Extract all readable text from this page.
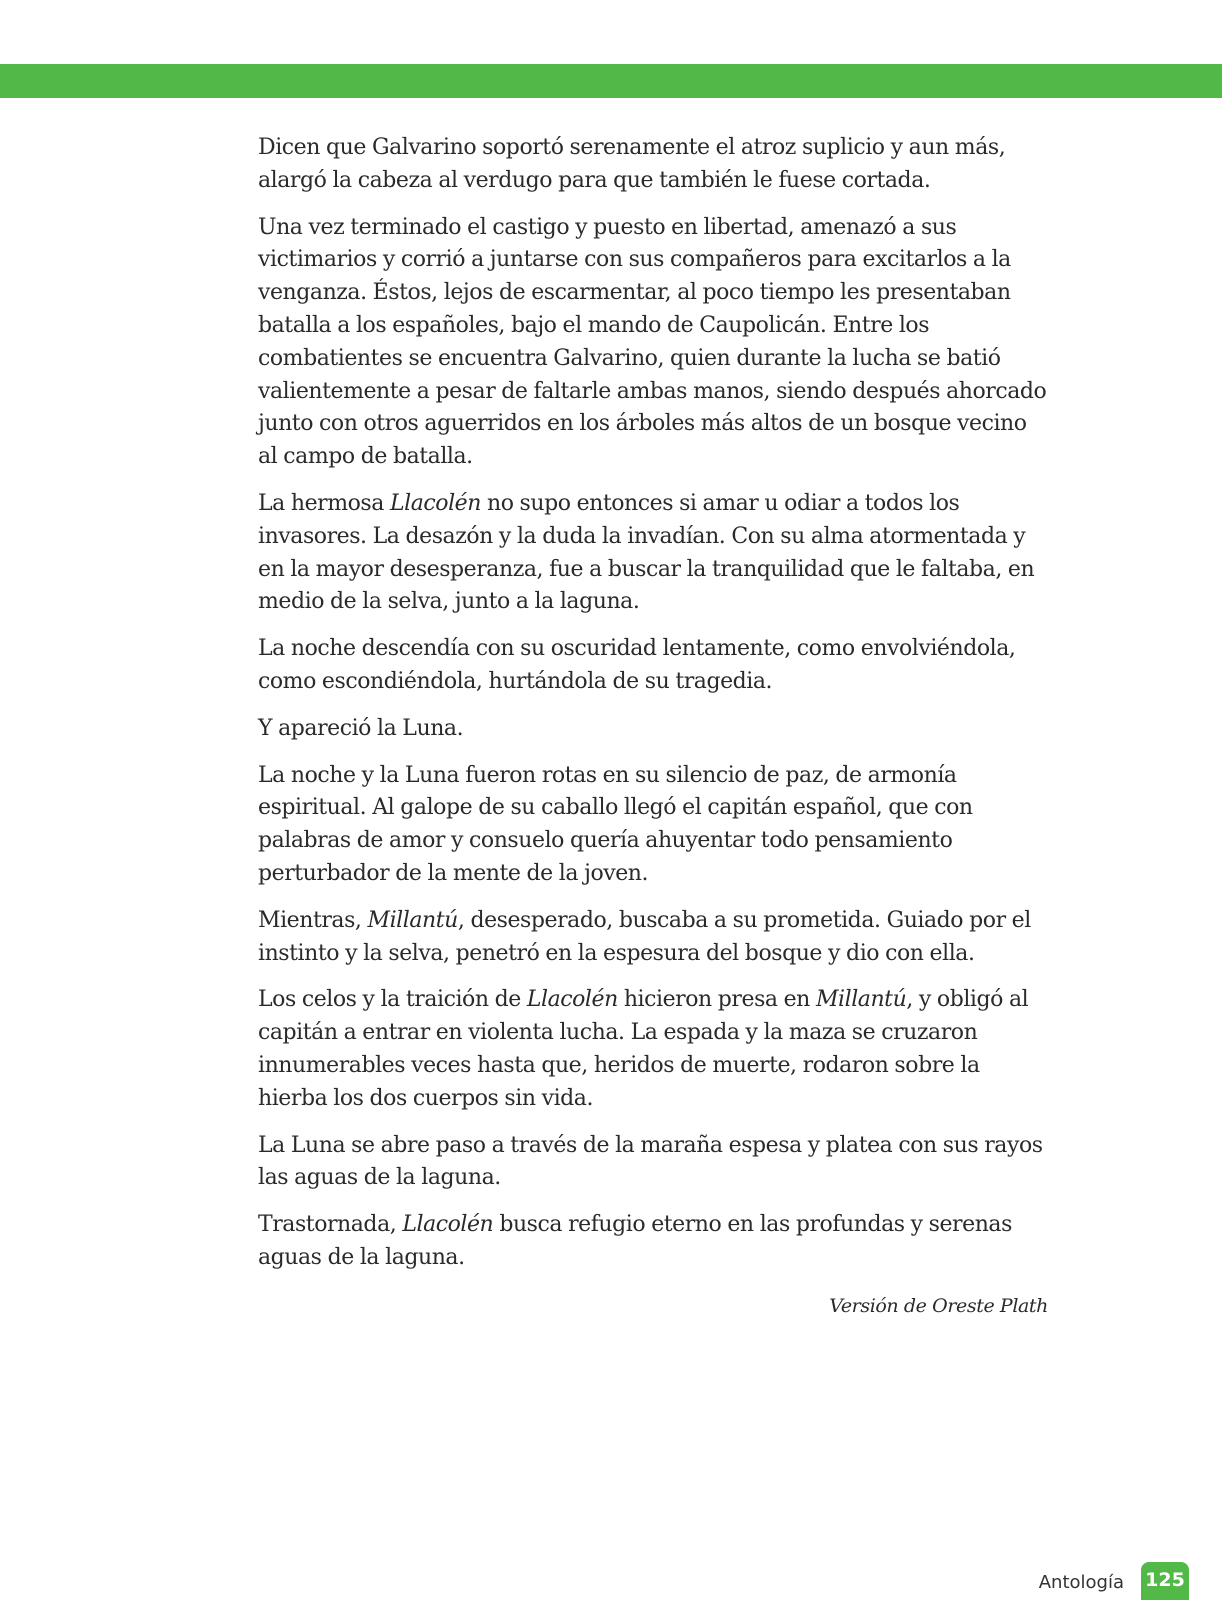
Dicen que Galvarino soportó serenamente el atroz suplicio y aun más, alargó la cabeza al verdugo para que también le fuese cortada.

Una vez terminado el castigo y puesto en libertad, amenazó a sus victimarios y corrió a juntarse con sus compañeros para excitarlos a la venganza. Éstos, lejos de escarmentar, al poco tiempo les presentaban batalla a los españoles, bajo el mando de Caupolicán. Entre los combatientes se encuentra Galvarino, quien durante la lucha se batió valientemente a pesar de faltarle ambas manos, siendo después ahorcado junto con otros aguerridos en los árboles más altos de un bosque vecino al campo de batalla.

La hermosa Llacolén no supo entonces si amar u odiar a todos los invasores. La desazón y la duda la invadían. Con su alma atormentada y en la mayor desesperanza, fue a buscar la tranquilidad que le faltaba, en medio de la selva, junto a la laguna.

La noche descendía con su oscuridad lentamente, como envolviéndola, como escondiéndola, hurtándola de su tragedia.

Y apareció la Luna.

La noche y la Luna fueron rotas en su silencio de paz, de armonía espiritual. Al galope de su caballo llegó el capitán español, que con palabras de amor y consuelo quería ahuyentar todo pensamiento perturbador de la mente de la joven.

Mientras, Millantú, desesperado, buscaba a su prometida. Guiado por el instinto y la selva, penetró en la espesura del bosque y dio con ella.

Los celos y la traición de Llacolén hicieron presa en Millantú, y obligó al capitán a entrar en violenta lucha. La espada y la maza se cruzaron innumerables veces hasta que, heridos de muerte, rodaron sobre la hierba los dos cuerpos sin vida.

La Luna se abre paso a través de la maraña espesa y platea con sus rayos las aguas de la laguna.

Trastornada, Llacolén busca refugio eterno en las profundas y serenas aguas de la laguna.

Versión de Oreste Plath

Antología 125
